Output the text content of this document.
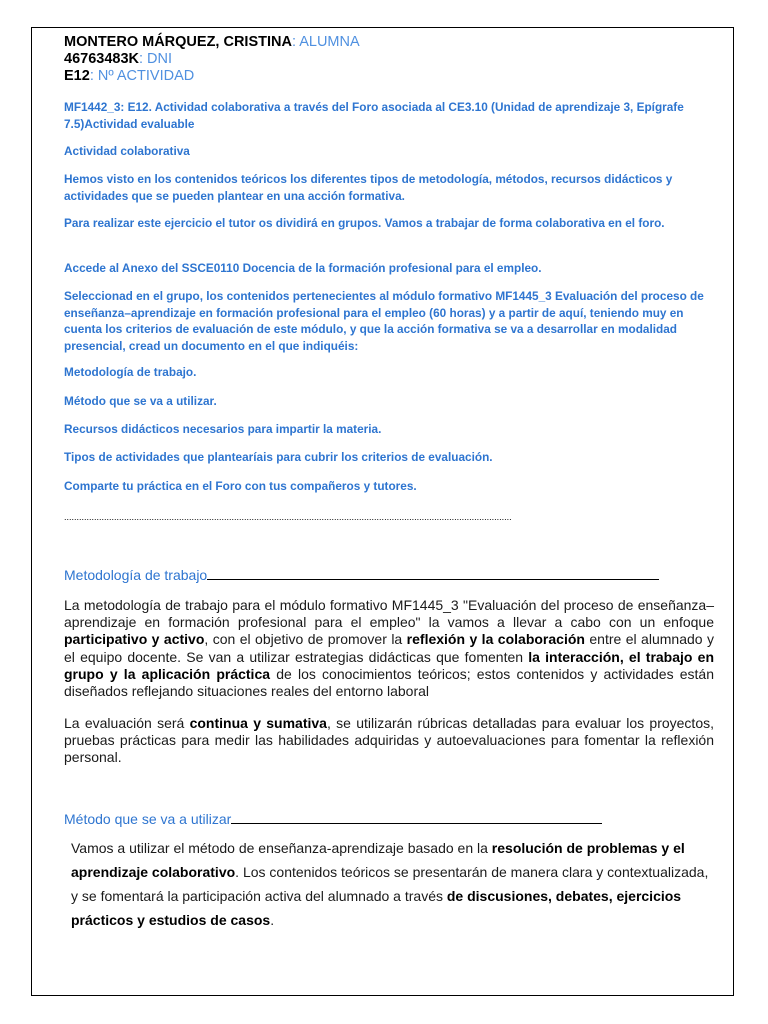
MONTERO MÁRQUEZ, CRISTINA: ALUMNA
46763483K: DNI
E12: Nº ACTIVIDAD
MF1442_3: E12. Actividad colaborativa a través del Foro asociada al CE3.10 (Unidad de aprendizaje 3, Epígrafe 7.5)Actividad evaluable
Actividad colaborativa
Hemos visto en los contenidos teóricos los diferentes tipos de metodología, métodos, recursos didácticos y actividades que se pueden plantear en una acción formativa.
Para realizar este ejercicio el tutor os dividirá en grupos. Vamos a trabajar de forma colaborativa en el foro.
Accede al Anexo del SSCE0110 Docencia de la formación profesional para el empleo.
Seleccionad en el grupo, los contenidos pertenecientes al módulo formativo MF1445_3 Evaluación del proceso de enseñanza–aprendizaje en formación profesional para el empleo (60 horas) y a partir de aquí, teniendo muy en cuenta los criterios de evaluación de este módulo, y que la acción formativa se va a desarrollar en modalidad presencial, cread un documento en el que indiquéis:
Metodología de trabajo.
Método que se va a utilizar.
Recursos didácticos necesarios para impartir la materia.
Tipos de actividades que plantearíais para cubrir los criterios de evaluación.
Comparte tu práctica en el Foro con tus compañeros y tutores.
...................................................................................................................................................................................
Metodología de trabajo
La metodología de trabajo para el módulo formativo MF1445_3 "Evaluación del proceso de enseñanza–aprendizaje en formación profesional para el empleo" la vamos a llevar a cabo con un enfoque participativo y activo, con el objetivo de promover la reflexión y la colaboración entre el alumnado y el equipo docente. Se van a utilizar estrategias didácticas que fomenten la interacción, el trabajo en grupo y la aplicación práctica de los conocimientos teóricos; estos contenidos y actividades están diseñados reflejando situaciones reales del entorno laboral
La evaluación será continua y sumativa, se utilizarán rúbricas detalladas para evaluar los proyectos, pruebas prácticas para medir las habilidades adquiridas y autoevaluaciones para fomentar la reflexión personal.
Método que se va a utilizar
Vamos a utilizar el método de enseñanza-aprendizaje basado en la resolución de problemas y el aprendizaje colaborativo. Los contenidos teóricos se presentarán de manera clara y contextualizada, y se fomentará la participación activa del alumnado a través de discusiones, debates, ejercicios prácticos y estudios de casos.
